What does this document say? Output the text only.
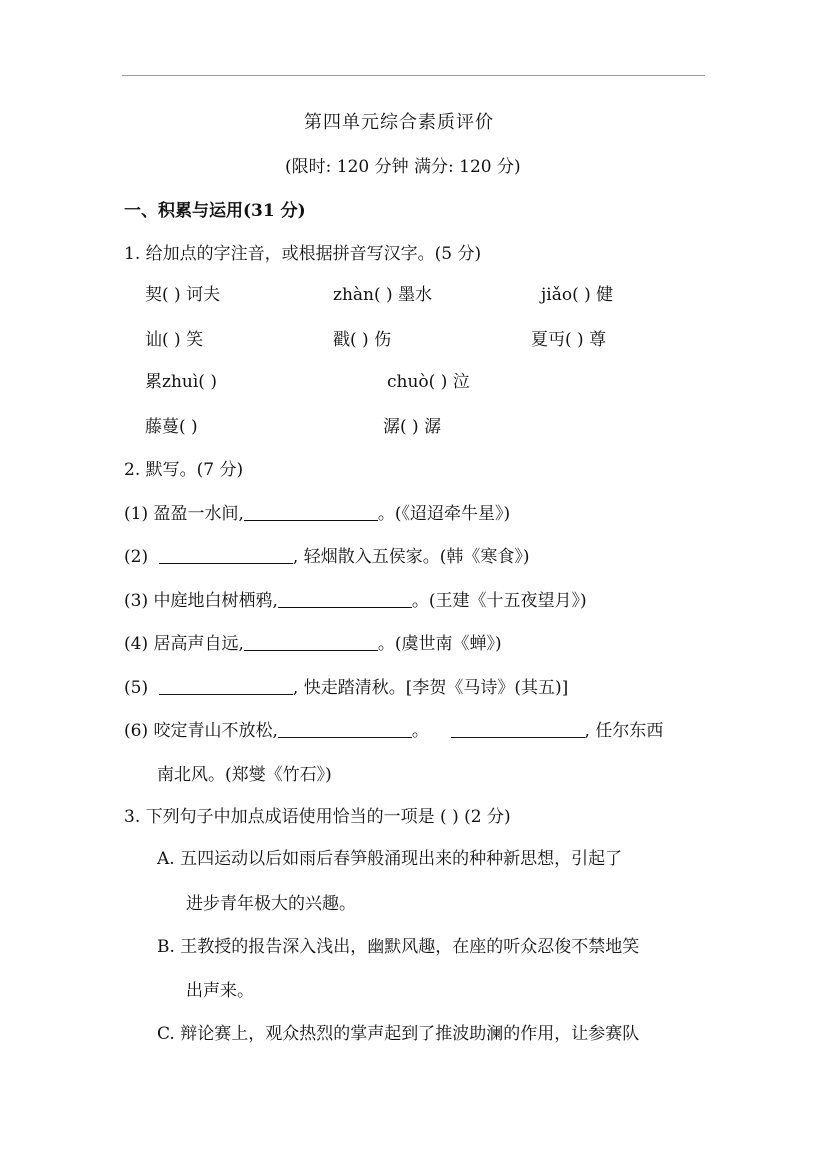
第四单元综合素质评价
(限时: 120 分钟 满分: 120 分)
一、积累与运用(31 分)
1. 给加点的字注音，或根据拼音写汉字。(5 分)
契( ) 诃夫	zhàn( ) 墨水	jiǎo( ) 健
讪( ) 笑	戳( ) 伤	夏丏( ) 尊
累zhuì( )	chuò( ) 泣
藤蔓( )	潺( ) 潺
2. 默写。(7 分)
(1) 盈盈一水间,	。(《迢迢牵牛星》)
(2)	, 轻烟散入五侯家。(韩《寒食》)
(3) 中庭地白树栖鸦,	。(王建《十五夜望月》)
(4) 居高声自远,	。(虞世南《蝉》)
(5)	, 快走踏清秋。[李贺《马诗》(其五)]
(6) 咬定青山不放松,	。	, 任尔东西
南北风。(郑燮《竹石》)
3. 下列句子中加点成语使用恰当的一项是 ( ) (2 分)
A. 五四运动以后如雨后春笋般涌现出来的种种新思想，引起了
进步青年极大的兴趣。
B. 王教授的报告深入浅出，幽默风趣，在座的听众忍俊不禁地笑
出声来。
C. 辩论赛上，观众热烈的掌声起到了推波助澜的作用，让参赛队
